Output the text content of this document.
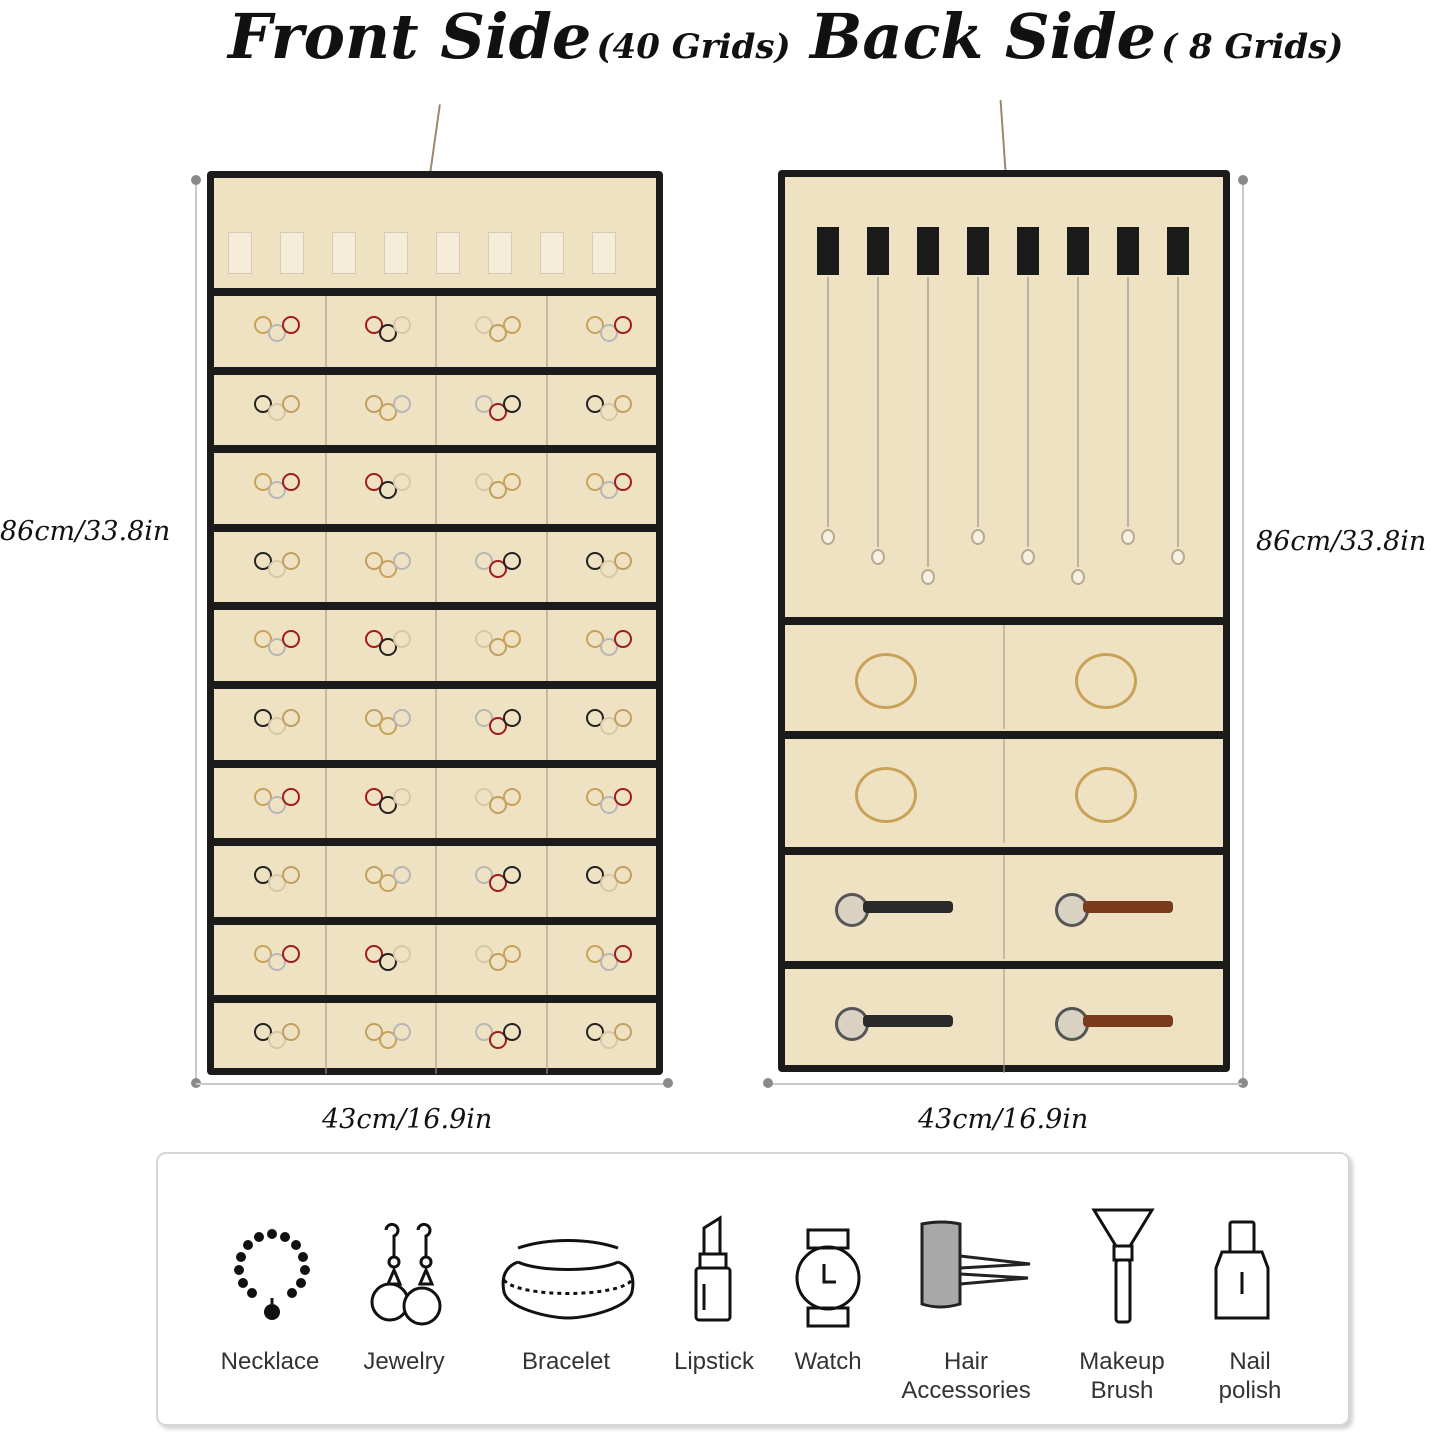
Front Side (40 Grids) Back Side ( 8 Grids)
86cm/33.8in	86cm/33.8in
43cm/16.9in	43cm/16.9in
Necklace	Jewelry	Bracelet	Lipstick	Watch	Hair
Accessories
Makeup
Brush
Nail
polish
